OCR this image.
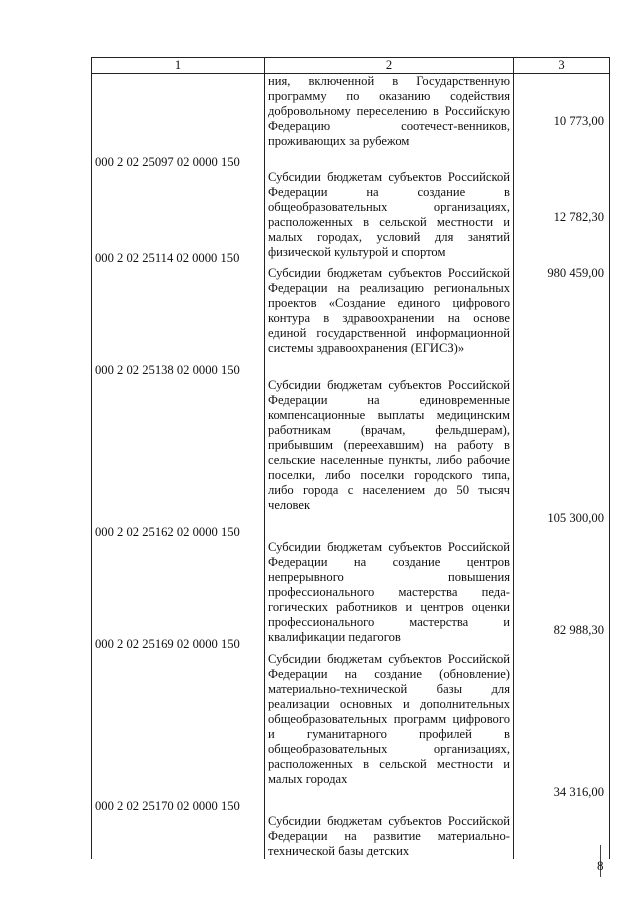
1	2	3
000 2 02 25097 02 0000 150	ния, включенной в Государственную программу по оказанию содействия добровольному переселению в Российскую Федерацию соотечест-венников, проживающих за рубежом	10 773,00
000 2 02 25114 02 0000 150	Субсидии бюджетам субъектов Российской Федерации на создание в общеобразовательных организациях, расположенных в сельской местности и малых городах, условий для занятий физической культурой и спортом	12 782,30
000 2 02 25138 02 0000 150	Субсидии бюджетам субъектов Российской Федерации на реализацию региональных проектов «Создание единого цифрового контура в здравоохранении на основе единой государственной информационной системы здравоохранения (ЕГИСЗ)»	980 459,00
000 2 02 25162 02 0000 150	Субсидии бюджетам субъектов Российской Федерации на единовременные компенсационные выплаты медицинским работникам (врачам, фельдшерам), прибывшим (переехавшим) на работу в сельские населенные пункты, либо рабочие поселки, либо поселки городского типа, либо города с населением до 50 тысяч человек	105 300,00
000 2 02 25169 02 0000 150	Субсидии бюджетам субъектов Российской Федерации на создание центров непрерывного повышения профессионального мастерства педа-гогических работников и центров оценки профессионального мастерства и квалификации педагогов	82 988,30
000 2 02 25170 02 0000 150	Субсидии бюджетам субъектов Российской Федерации на создание (обновление) материально-технической базы для реализации основных и дополнительных общеобразовательных программ цифрового и гуманитарного профилей в общеобразовательных организациях, расположенных в сельской местности и малых городах	34 316,00
	Субсидии бюджетам субъектов Российской Федерации на развитие материально-технической базы детских	
8
